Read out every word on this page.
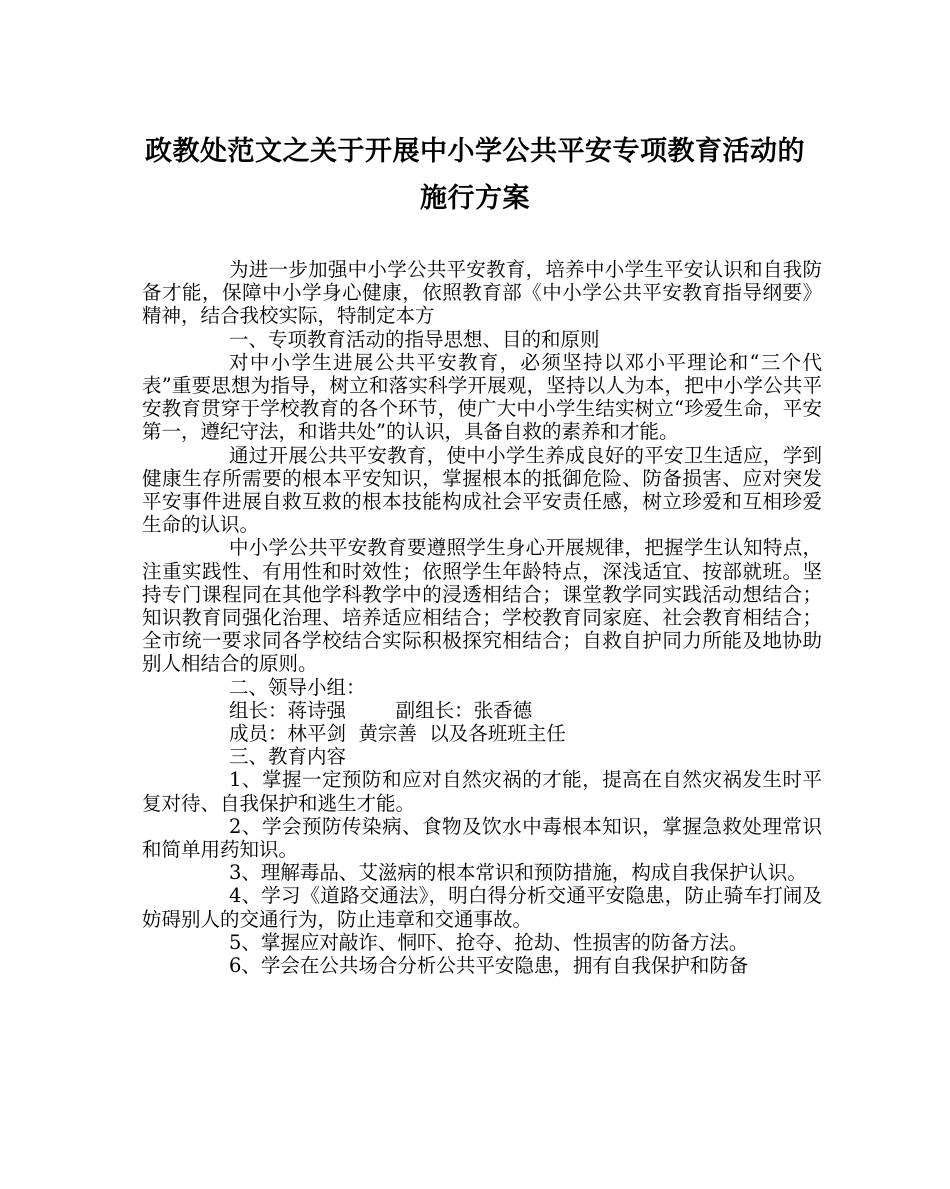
政教处范文之关于开展中小学公共平安专项教育活动的
施行方案

为进一步加强中小学公共平安教育，培养中小学生平安认识和自我防备才能，保障中小学身心健康，依照教育部《中小学公共平安教育指导纲要》精神，结合我校实际，特制定本方

一、专项教育活动的指导思想、目的和原则

对中小学生进展公共平安教育，必须坚持以邓小平理论和“三个代表”重要思想为指导，树立和落实科学开展观，坚持以人为本，把中小学公共平安教育贯穿于学校教育的各个环节，使广大中小学生结实树立“珍爱生命，平安第一，遵纪守法，和谐共处”的认识，具备自救的素养和才能。

通过开展公共平安教育，使中小学生养成良好的平安卫生适应，学到健康生存所需要的根本平安知识，掌握根本的抵御危险、防备损害、应对突发平安事件进展自救互救的根本技能构成社会平安责任感，树立珍爱和互相珍爱生命的认识。

中小学公共平安教育要遵照学生身心开展规律，把握学生认知特点，注重实践性、有用性和时效性；依照学生年龄特点，深浅适宜、按部就班。坚持专门课程同在其他学科教学中的浸透相结合；课堂教学同实践活动想结合；知识教育同强化治理、培养适应相结合；学校教育同家庭、社会教育相结合；全市统一要求同各学校结合实际积极探究相结合；自救自护同力所能及地协助别人相结合的原则。

二、领导小组：

组长：蒋诗强        副组长：张香德

成员：林平剑  黄宗善  以及各班班主任

三、教育内容

1、掌握一定预防和应对自然灾祸的才能，提高在自然灾祸发生时平复对待、自我保护和逃生才能。

2、学会预防传染病、食物及饮水中毒根本知识，掌握急救处理常识和简单用药知识。

3、理解毒品、艾滋病的根本常识和预防措施，构成自我保护认识。

4、学习《道路交通法》，明白得分析交通平安隐患，防止骑车打闹及妨碍别人的交通行为，防止违章和交通事故。

5、掌握应对敲诈、恫吓、抢夺、抢劫、性损害的防备方法。

6、学会在公共场合分析公共平安隐患，拥有自我保护和防备
